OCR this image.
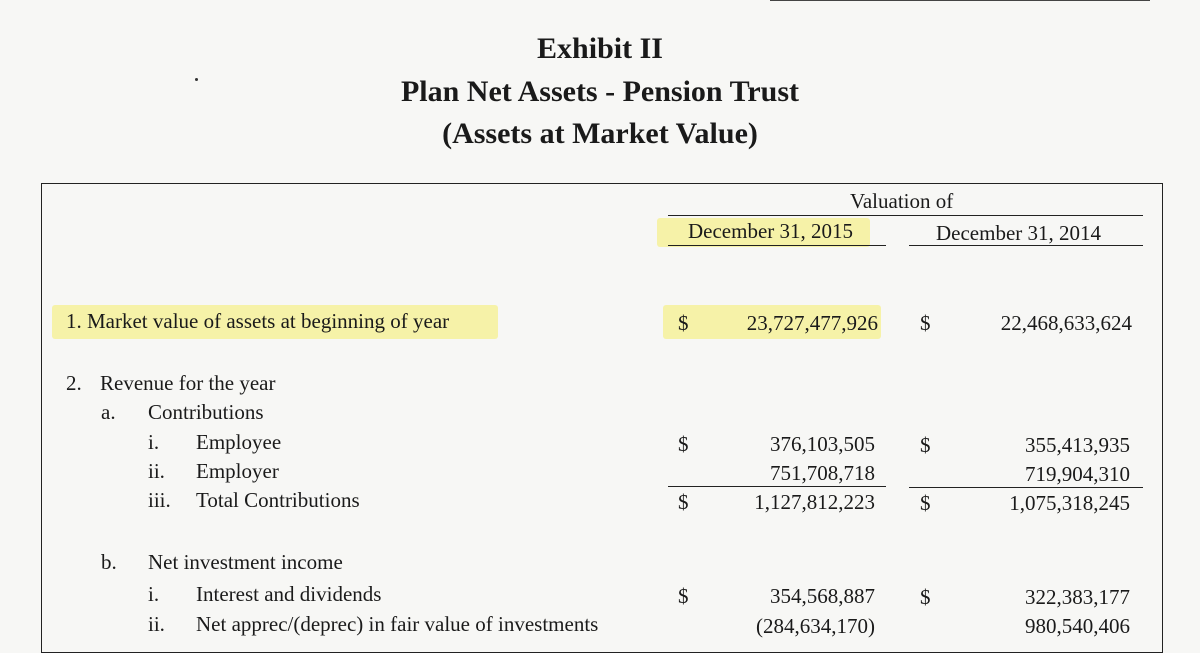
Exhibit II
Plan Net Assets - Pension Trust
(Assets at Market Value)
Valuation of
December 31, 2015	December 31, 2014
1. Market value of assets at beginning of year	$	23,727,477,926 $	22,468,633,624
2. Revenue for the year
a. Contributions
i. Employee	$	376,103,505 $	355,413,935
ii. Employer	751,708,718	719,904,310
iii. Total Contributions	$	1,127,812,223 $	1,075,318,245
b. Net investment income
i. Interest and dividends	$	354,568,887 $	322,383,177
ii. Net apprec/(deprec) in fair value of investments	(284,634,170)	980,540,406
